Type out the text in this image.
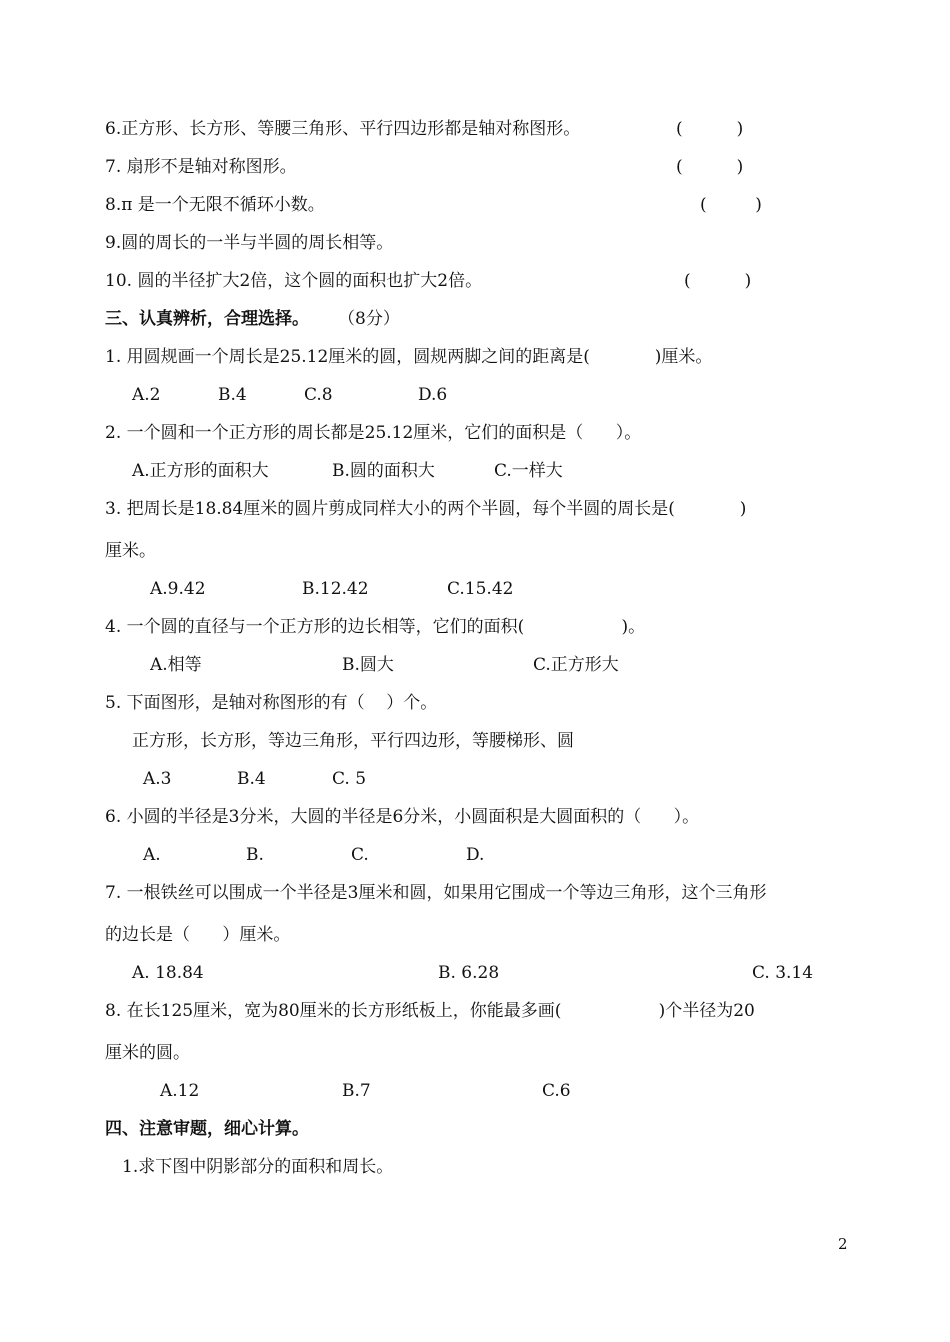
6.正方形、长方形、等腰三角形、平行四边形都是轴对称图形。	(          )
7. 扇形不是轴对称图形。	(          )
8.π 是一个无限不循环小数。	(         )
9.圆的周长的一半与半圆的周长相等。
10. 圆的半径扩大2倍，这个圆的面积也扩大2倍。	(          )
三、认真辨析，合理选择。 （8分）
1. 用圆规画一个周长是25.12厘米的圆，圆规两脚之间的距离是(            )厘米。
A.2	B.4	C.8	D.6
2. 一个圆和一个正方形的周长都是25.12厘米，它们的面积是（      ）。
A.正方形的面积大	B.圆的面积大	C.一样大
3. 把周长是18.84厘米的圆片剪成同样大小的两个半圆，每个半圆的周长是(            )
厘米。
A.9.42	B.12.42	C.15.42
4. 一个圆的直径与一个正方形的边长相等，它们的面积(                  )。
A.相等	B.圆大	C.正方形大
5. 下面图形，是轴对称图形的有（    ）个。
正方形，长方形，等边三角形，平行四边形，等腰梯形、圆
A.3	B.4	C. 5
6. 小圆的半径是3分米，大圆的半径是6分米，小圆面积是大圆面积的（      ）。
A.	B.	C.	D.
7. 一根铁丝可以围成一个半径是3厘米和圆，如果用它围成一个等边三角形，这个三角形
的边长是（      ）厘米。
A. 18.84	B. 6.28	C. 3.14
8. 在长125厘米，宽为80厘米的长方形纸板上，你能最多画(                  )个半径为20
厘米的圆。
A.12	B.7	C.6
四、注意审题，细心计算。
1.求下图中阴影部分的面积和周长。
2
